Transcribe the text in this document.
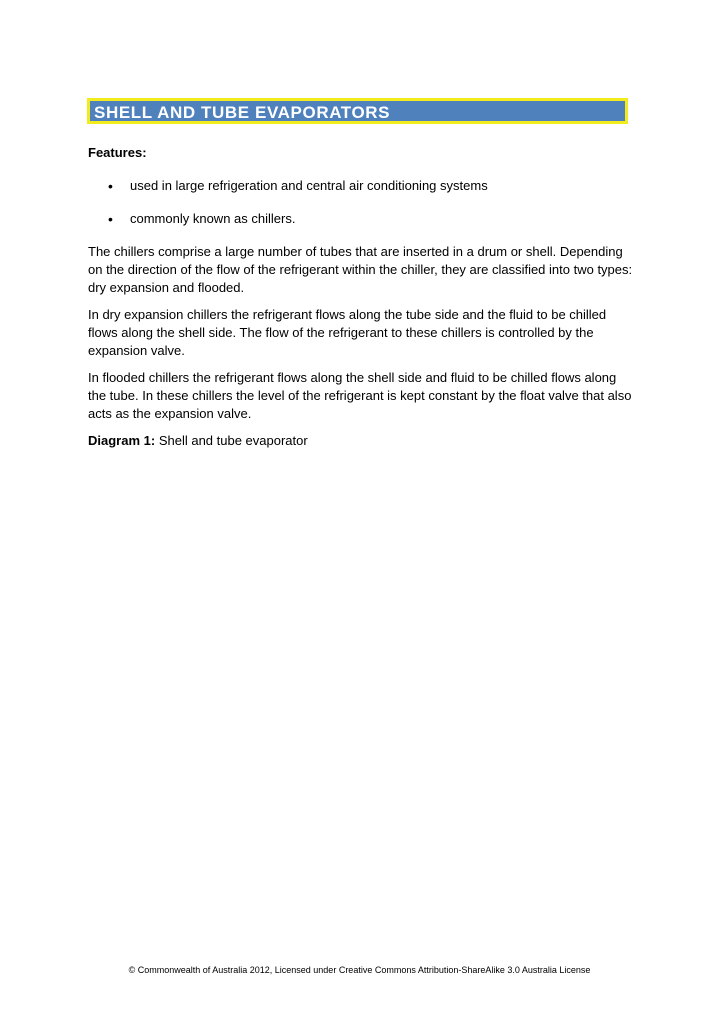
SHELL AND TUBE EVAPORATORS

Features:

• used in large refrigeration and central air conditioning systems
• commonly known as chillers.

The chillers comprise a large number of tubes that are inserted in a drum or shell. Depending on the direction of the flow of the refrigerant within the chiller, they are classified into two types: dry expansion and flooded.

In dry expansion chillers the refrigerant flows along the tube side and the fluid to be chilled flows along the shell side. The flow of the refrigerant to these chillers is controlled by the expansion valve.

In flooded chillers the refrigerant flows along the shell side and fluid to be chilled flows along the tube. In these chillers the level of the refrigerant is kept constant by the float valve that also acts as the expansion valve.

Diagram 1: Shell and tube evaporator

© Commonwealth of Australia 2012, Licensed under Creative Commons Attribution-ShareAlike 3.0 Australia License
